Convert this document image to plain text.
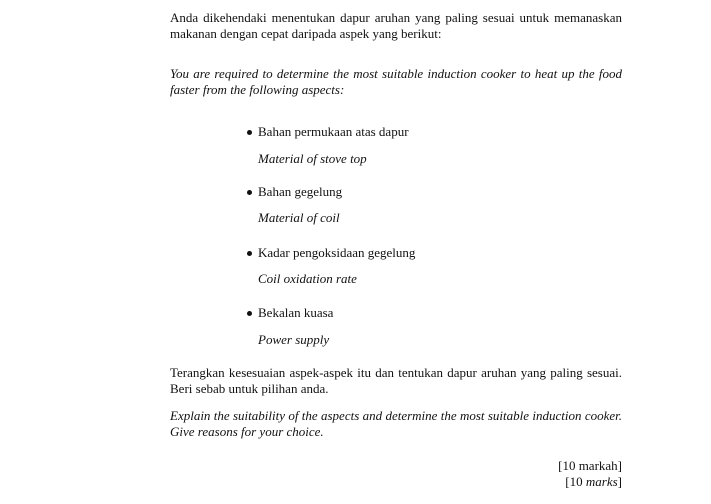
Anda dikehendaki menentukan dapur aruhan yang paling sesuai untuk memanaskan makanan dengan cepat daripada aspek yang berikut:
You are required to determine the most suitable induction cooker to heat up the food faster from the following aspects:
Bahan permukaan atas dapur
Material of stove top
Bahan gegelung
Material of coil
Kadar pengoksidaan gegelung
Coil oxidation rate
Bekalan kuasa
Power supply
Terangkan kesesuaian aspek-aspek itu dan tentukan dapur aruhan yang paling sesuai. Beri sebab untuk pilihan anda.
Explain the suitability of the aspects and determine the most suitable induction cooker. Give reasons for your choice.
[10 markah]
[10 marks]
